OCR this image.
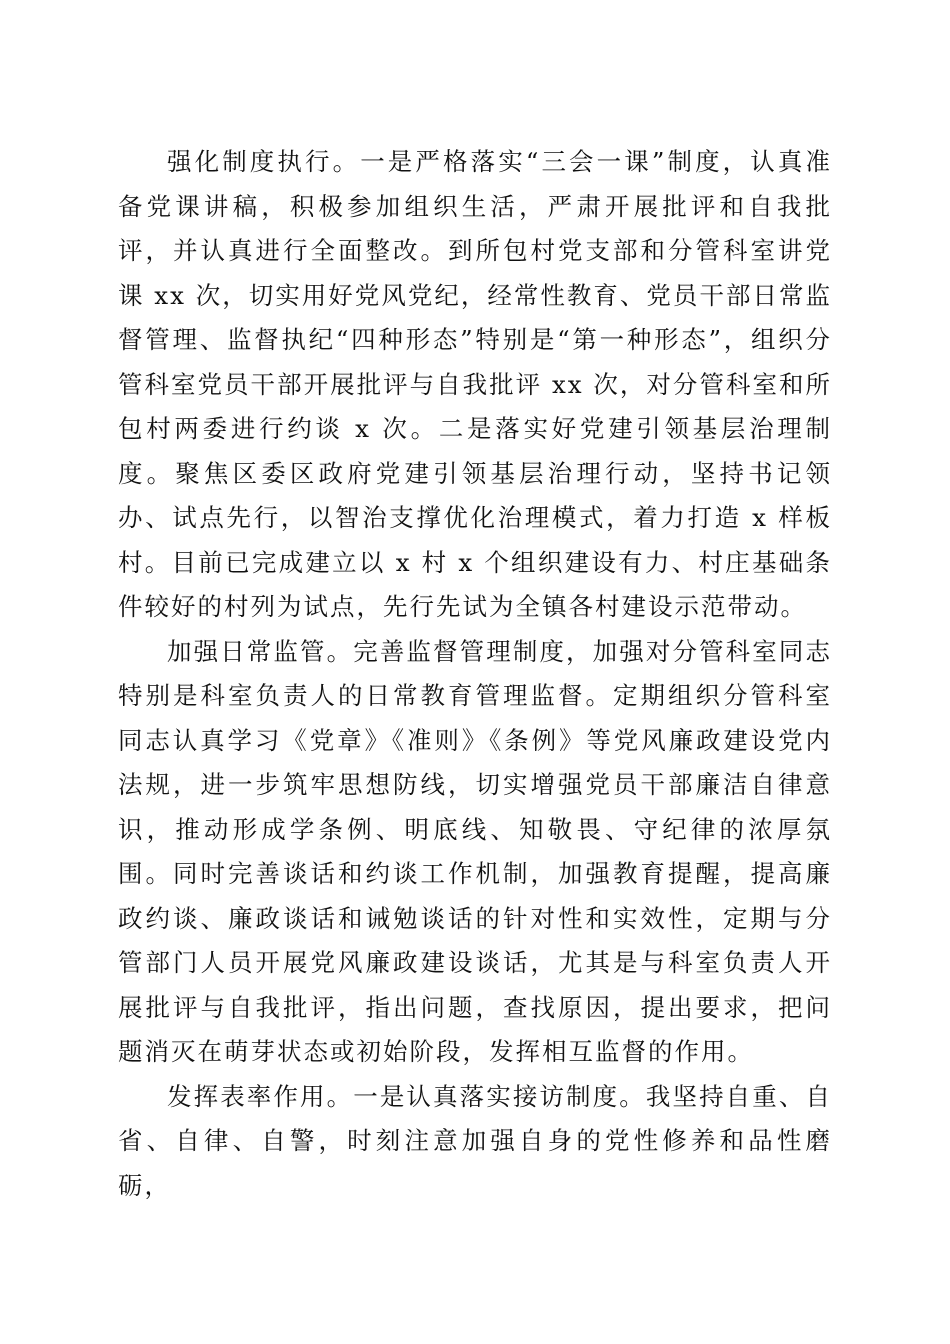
强化制度执行。一是严格落实“三会一课”制度，认真准备党课讲稿，积极参加组织生活，严肃开展批评和自我批评，并认真进行全面整改。到所包村党支部和分管科室讲党课 xx 次，切实用好党风党纪，经常性教育、党员干部日常监督管理、监督执纪“四种形态”特别是“第一种形态”，组织分管科室党员干部开展批评与自我批评 xx 次，对分管科室和所包村两委进行约谈 x 次。二是落实好党建引领基层治理制度。聚焦区委区政府党建引领基层治理行动，坚持书记领办、试点先行，以智治支撑优化治理模式，着力打造 x 样板村。目前已完成建立以 x 村 x 个组织建设有力、村庄基础条件较好的村列为试点，先行先试为全镇各村建设示范带动。

加强日常监管。完善监督管理制度，加强对分管科室同志特别是科室负责人的日常教育管理监督。定期组织分管科室同志认真学习《党章》《准则》《条例》等党风廉政建设党内法规，进一步筑牢思想防线，切实增强党员干部廉洁自律意识，推动形成学条例、明底线、知敬畏、守纪律的浓厚氛围。同时完善谈话和约谈工作机制，加强教育提醒，提高廉政约谈、廉政谈话和诫勉谈话的针对性和实效性，定期与分管部门人员开展党风廉政建设谈话，尤其是与科室负责人开展批评与自我批评，指出问题，查找原因，提出要求，把问题消灭在萌芽状态或初始阶段，发挥相互监督的作用。

发挥表率作用。一是认真落实接访制度。我坚持自重、自省、自律、自警，时刻注意加强自身的党性修养和品性磨砺，
